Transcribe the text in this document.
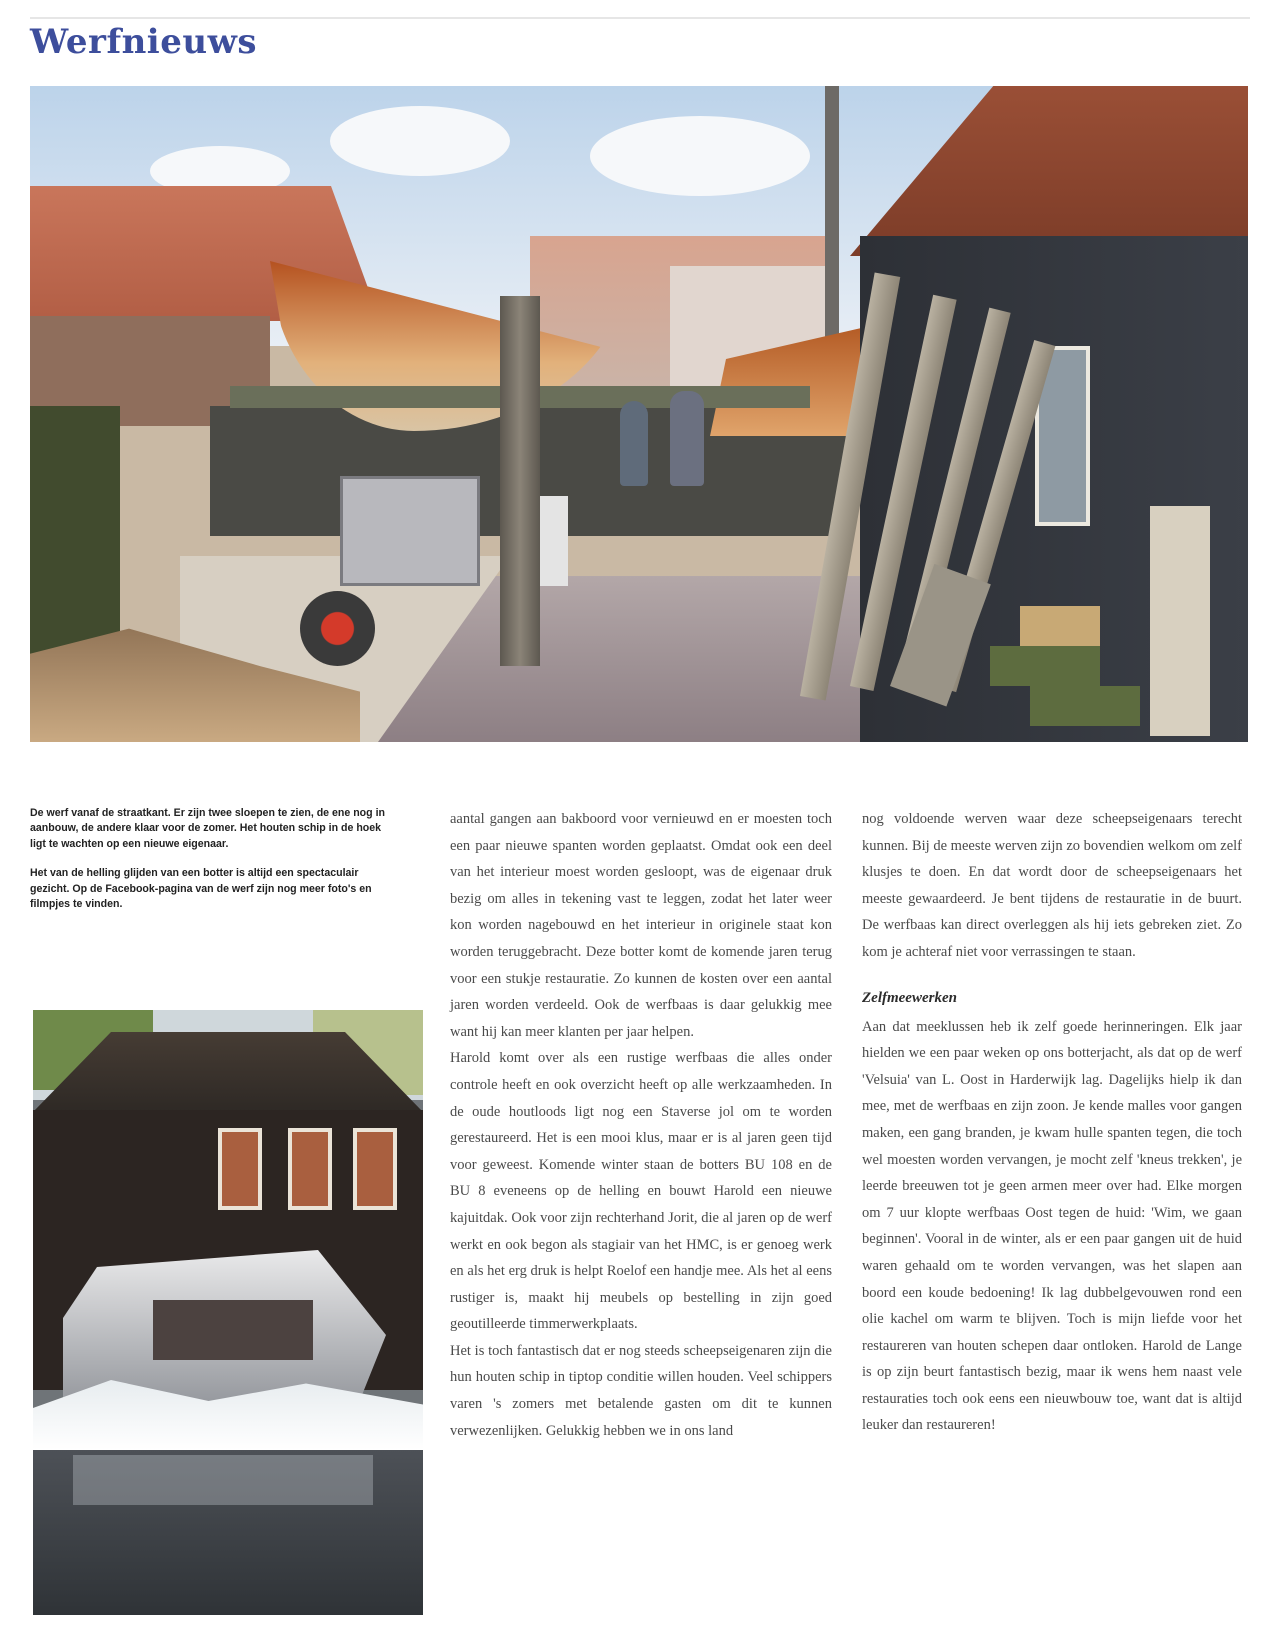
Werfnieuws

De werf vanaf de straatkant. Er zijn twee sloepen te zien, de ene nog in aanbouw, de andere klaar voor de zomer. Het houten schip in de hoek ligt te wachten op een nieuwe eigenaar.

Het van de helling glijden van een botter is altijd een spectaculair gezicht. Op de Facebook-pagina van de werf zijn nog meer foto's en filmpjes te vinden.

aantal gangen aan bakboord voor vernieuwd en er moesten toch een paar nieuwe spanten worden geplaatst. Omdat ook een deel van het interieur moest worden gesloopt, was de eigenaar druk bezig om alles in tekening vast te leggen, zodat het later weer kon worden nagebouwd en het interieur in originele staat kon worden teruggebracht. Deze botter komt de komende jaren terug voor een stukje restauratie. Zo kunnen de kosten over een aantal jaren worden verdeeld. Ook de werfbaas is daar gelukkig mee want hij kan meer klanten per jaar helpen.
Harold komt over als een rustige werfbaas die alles onder controle heeft en ook overzicht heeft op alle werkzaamheden. In de oude houtloods ligt nog een Staverse jol om te worden gerestaureerd. Het is een mooi klus, maar er is al jaren geen tijd voor geweest. Komende winter staan de botters BU 108 en de BU 8 eveneens op de helling en bouwt Harold een nieuwe kajuitdak. Ook voor zijn rechterhand Jorit, die al jaren op de werf werkt en ook begon als stagiair van het HMC, is er genoeg werk en als het erg druk is helpt Roelof een handje mee. Als het al eens rustiger is, maakt hij meubels op bestelling in zijn goed geoutilleerde timmerwerkplaats.
Het is toch fantastisch dat er nog steeds scheepseigenaren zijn die hun houten schip in tiptop conditie willen houden. Veel schippers varen 's zomers met betalende gasten om dit te kunnen verwezenlijken. Gelukkig hebben we in ons land

nog voldoende werven waar deze scheepseigenaars terecht kunnen. Bij de meeste werven zijn zo bovendien welkom om zelf klusjes te doen. En dat wordt door de scheepseigenaars het meeste gewaardeerd. Je bent tijdens de restauratie in de buurt. De werfbaas kan direct overleggen als hij iets gebreken ziet. Zo kom je achteraf niet voor verrassingen te staan.

Zelfmeewerken

Aan dat meeklussen heb ik zelf goede herinneringen. Elk jaar hielden we een paar weken op ons botterjacht, als dat op de werf 'Velsuia' van L. Oost in Harderwijk lag. Dagelijks hielp ik dan mee, met de werfbaas en zijn zoon. Je kende malles voor gangen maken, een gang branden, je kwam hulle spanten tegen, die toch wel moesten worden vervangen, je mocht zelf 'kneus trekken', je leerde breeuwen tot je geen armen meer over had. Elke morgen om 7 uur klopte werfbaas Oost tegen de huid: 'Wim, we gaan beginnen'. Vooral in de winter, als er een paar gangen uit de huid waren gehaald om te worden vervangen, was het slapen aan boord een koude bedoening! Ik lag dubbelgevouwen rond een olie kachel om warm te blijven. Toch is mijn liefde voor het restaureren van houten schepen daar ontloken. Harold de Lange is op zijn beurt fantastisch bezig, maar ik wens hem naast vele restauraties toch ook eens een nieuwbouw toe, want dat is altijd leuker dan restaureren!
